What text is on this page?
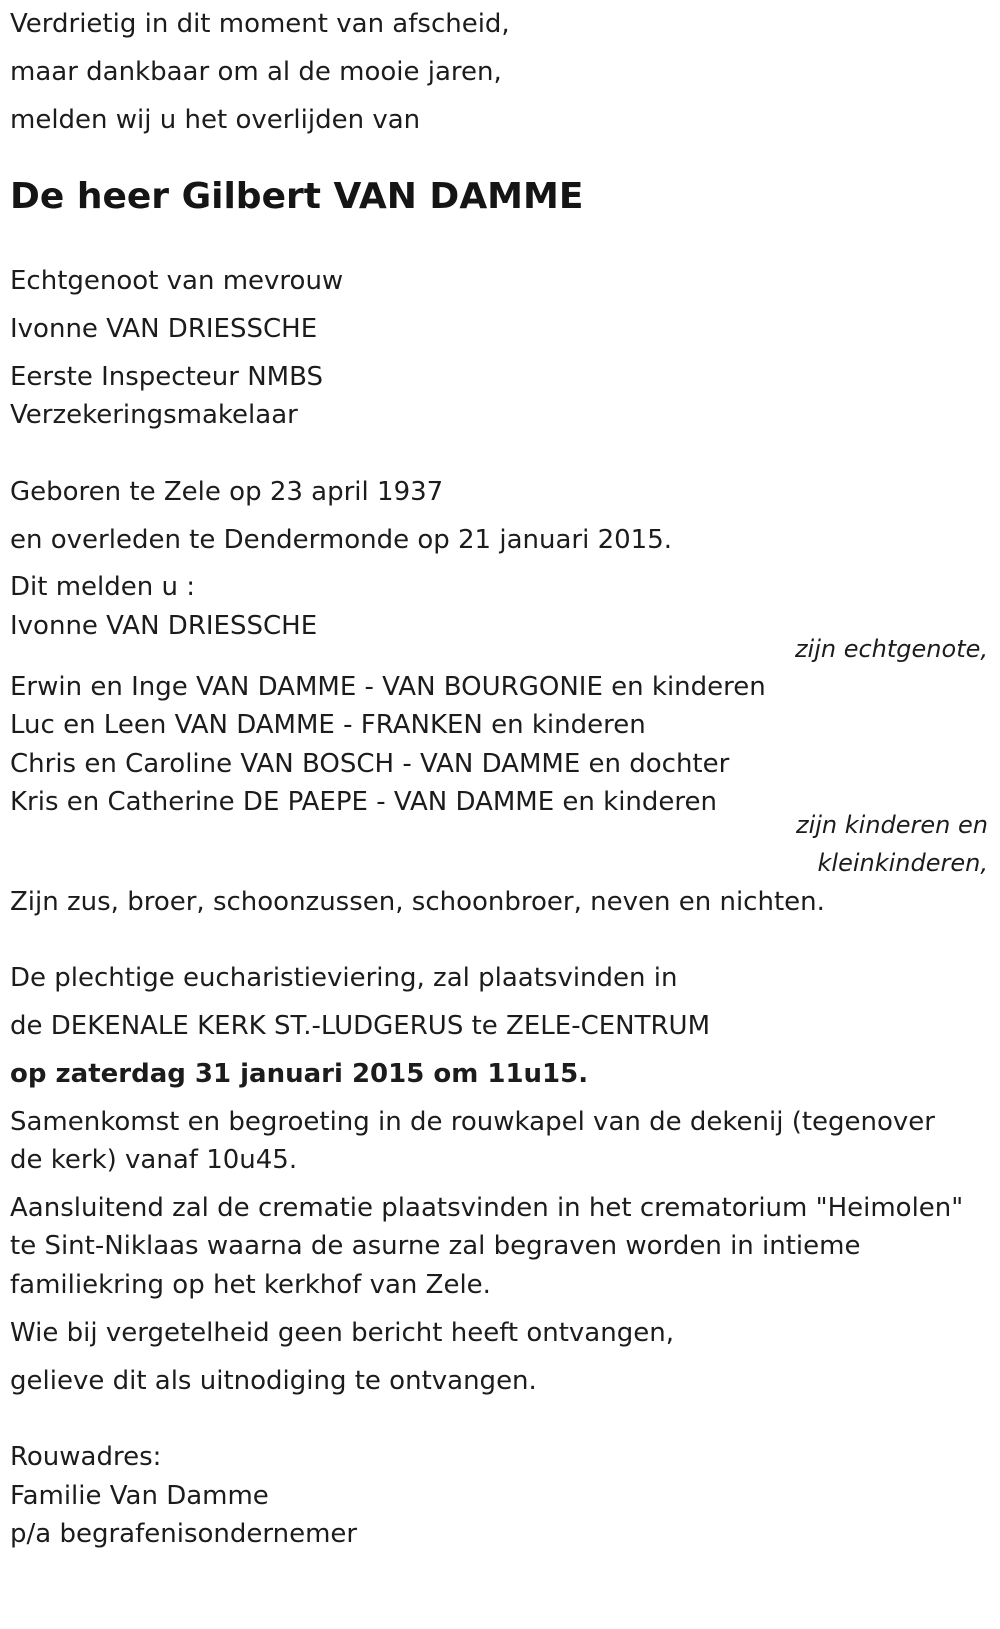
Verdrietig in dit moment van afscheid,

maar dankbaar om al de mooie jaren,

melden wij u het overlijden van

De heer Gilbert VAN DAMME

Echtgenoot van mevrouw

Ivonne VAN DRIESSCHE

Eerste Inspecteur NMBS

Verzekeringsmakelaar

Geboren te Zele op 23 april 1937

en overleden te Dendermonde op 21 januari 2015.

Dit melden u :

Ivonne VAN DRIESSCHE

zijn echtgenote,

Erwin en Inge VAN DAMME - VAN BOURGONIE en kinderen

Luc en Leen VAN DAMME - FRANKEN en kinderen

Chris en Caroline VAN BOSCH - VAN DAMME en dochter

Kris en Catherine DE PAEPE - VAN DAMME en kinderen

zijn kinderen en

kleinkinderen,

Zijn zus, broer, schoonzussen, schoonbroer, neven en nichten.

De plechtige eucharistieviering, zal plaatsvinden in

de DEKENALE KERK ST.-LUDGERUS te ZELE-CENTRUM

op zaterdag 31 januari 2015 om 11u15.

Samenkomst en begroeting in de rouwkapel van de dekenij (tegenover

de kerk) vanaf 10u45.

Aansluitend zal de crematie plaatsvinden in het crematorium "Heimolen"

te Sint-Niklaas waarna de asurne zal begraven worden in intieme

familiekring op het kerkhof van Zele.

Wie bij vergetelheid geen bericht heeft ontvangen,

gelieve dit als uitnodiging te ontvangen.

Rouwadres:

Familie Van Damme

p/a begrafenisondernemer
